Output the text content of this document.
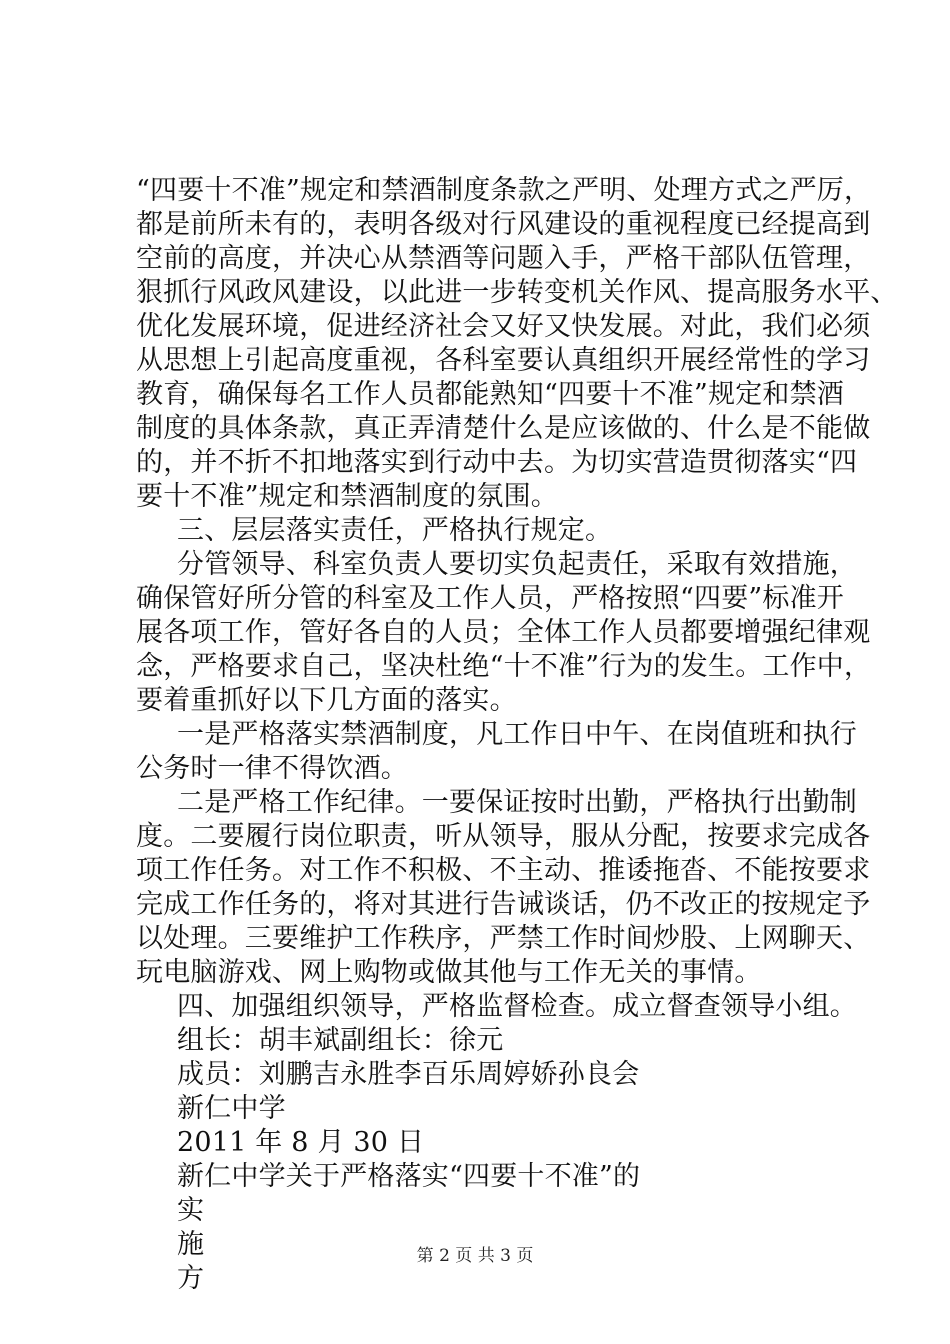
“四要十不准”规定和禁酒制度条款之严明、处理方式之严厉，
都是前所未有的，表明各级对行风建设的重视程度已经提高到
空前的高度，并决心从禁酒等问题入手，严格干部队伍管理，
狠抓行风政风建设，以此进一步转变机关作风、提高服务水平、
优化发展环境，促进经济社会又好又快发展。对此，我们必须
从思想上引起高度重视，各科室要认真组织开展经常性的学习
教育，确保每名工作人员都能熟知“四要十不准”规定和禁酒
制度的具体条款，真正弄清楚什么是应该做的、什么是不能做
的，并不折不扣地落实到行动中去。为切实营造贯彻落实“四
要十不准”规定和禁酒制度的氛围。
三、层层落实责任，严格执行规定。
分管领导、科室负责人要切实负起责任，采取有效措施，
确保管好所分管的科室及工作人员，严格按照“四要”标准开
展各项工作，管好各自的人员；全体工作人员都要增强纪律观
念，严格要求自己，坚决杜绝“十不准”行为的发生。工作中，
要着重抓好以下几方面的落实。
一是严格落实禁酒制度，凡工作日中午、在岗值班和执行
公务时一律不得饮酒。
二是严格工作纪律。一要保证按时出勤，严格执行出勤制
度。二要履行岗位职责，听从领导，服从分配，按要求完成各
项工作任务。对工作不积极、不主动、推诿拖沓、不能按要求
完成工作任务的，将对其进行告诫谈话，仍不改正的按规定予
以处理。三要维护工作秩序，严禁工作时间炒股、上网聊天、
玩电脑游戏、网上购物或做其他与工作无关的事情。
四、加强组织领导，严格监督检查。成立督查领导小组。
组长：胡丰斌副组长：徐元
成员：刘鹏吉永胜李百乐周婷娇孙良会
新仁中学
2011 年 8 月 30 日
新仁中学关于严格落实“四要十不准”的
实
施
方
第 2 页 共 3 页
